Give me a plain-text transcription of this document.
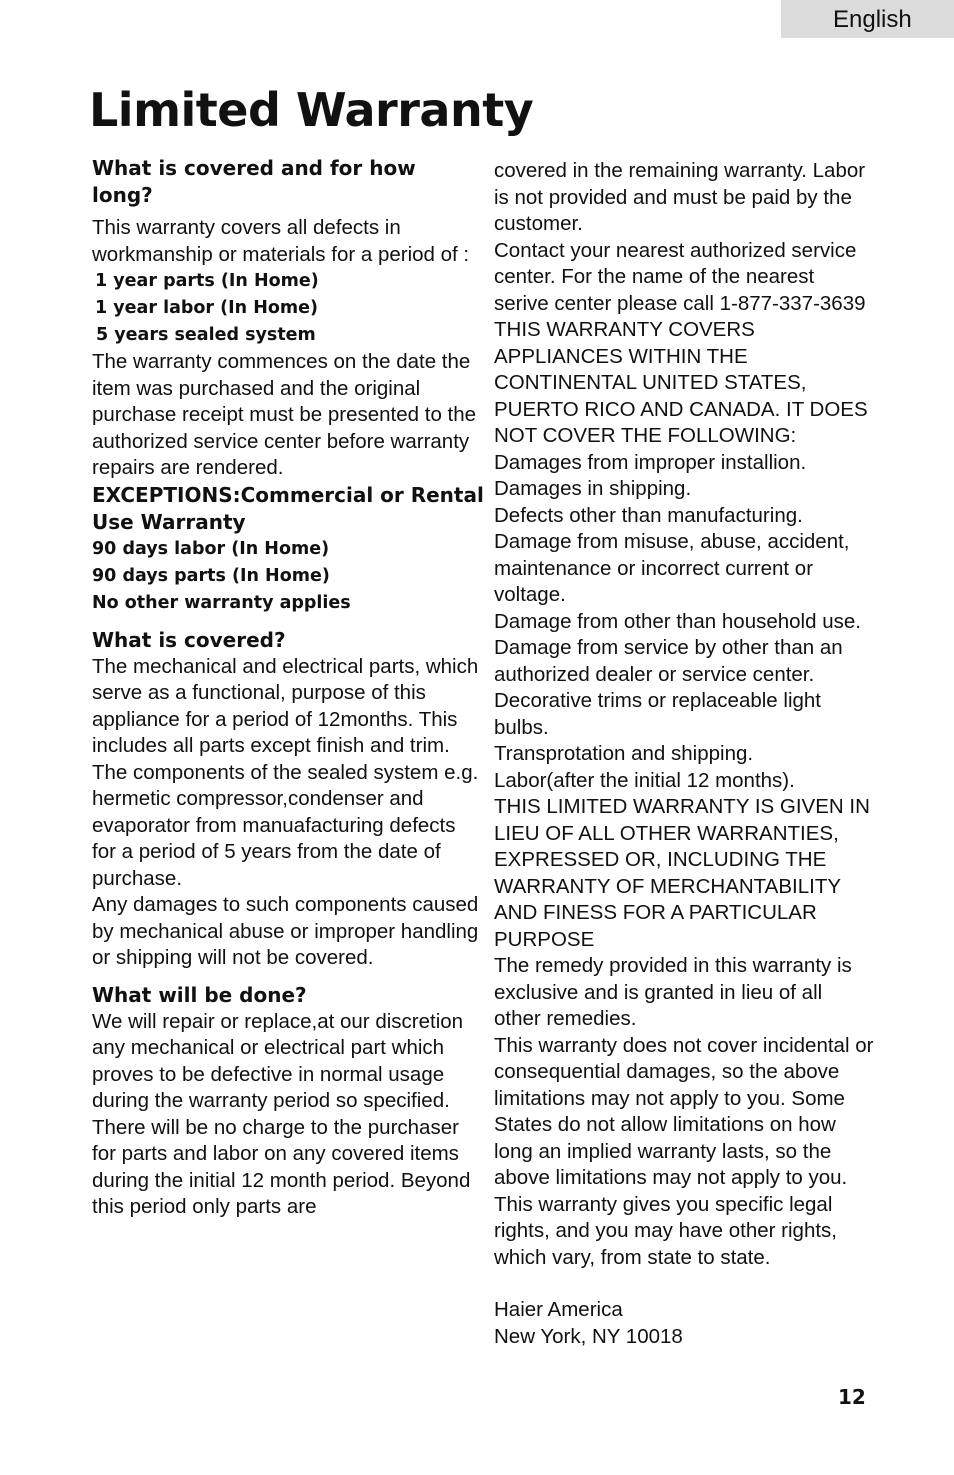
English
Limited Warranty

What is covered and for how long?

This warranty covers all defects in workmanship or materials for a period of :

1 year parts (In Home)
1 year labor (In Home)
5 years sealed system

The warranty commences on the date the item was purchased and the original purchase receipt must be presented to the authorized service center before warranty repairs are rendered.

EXCEPTIONS:Commercial or Rental Use Warranty

90 days labor (In Home)
90 days parts (In Home)
No other warranty applies

What is covered?

The mechanical and electrical parts, which serve as a functional, purpose of this appliance for a period of 12months. This includes all parts except finish and trim.

The components of the sealed system e.g. hermetic compressor,condenser and evaporator from manuafacturing defects for a period of 5 years from the date of purchase.

Any damages to such components caused by mechanical abuse or improper handling or shipping will not be covered.

What will be done?

We will repair or replace,at our discretion any mechanical or electrical part which proves to be defective in normal usage during the warranty period so specified.

There will be no charge to the purchaser for parts and labor on any covered items during the initial 12 month period. Beyond this period only parts are

covered in the remaining warranty. Labor is not provided and must be paid by the customer.

Contact your nearest authorized service center. For the name of the nearest serive center please call 1-877-337-3639

THIS WARRANTY COVERS APPLIANCES WITHIN THE CONTINENTAL UNITED STATES, PUERTO RICO AND CANADA. IT DOES NOT COVER THE FOLLOWING:

Damages from improper installion.

Damages in shipping.

Defects other than manufacturing.

Damage from misuse, abuse, accident, maintenance or incorrect current or voltage.

Damage from other than household use.

Damage from service by other than an authorized dealer or service center.

Decorative trims or replaceable light bulbs.

Transprotation and shipping.

Labor(after the initial 12 months).

THIS LIMITED WARRANTY IS GIVEN IN LIEU OF ALL OTHER WARRANTIES, EXPRESSED OR, INCLUDING THE WARRANTY OF MERCHANTABILITY AND FINESS FOR A PARTICULAR PURPOSE

The remedy provided in this warranty is exclusive and is granted in lieu of all other remedies.

This warranty does not cover incidental or consequential damages, so the above limitations may not apply to you. Some States do not allow limitations on how long an implied warranty lasts, so the above limitations may not apply to you.

This warranty gives you specific legal rights, and you may have other rights, which vary, from state to state.

Haier America

New York, NY 10018

12
